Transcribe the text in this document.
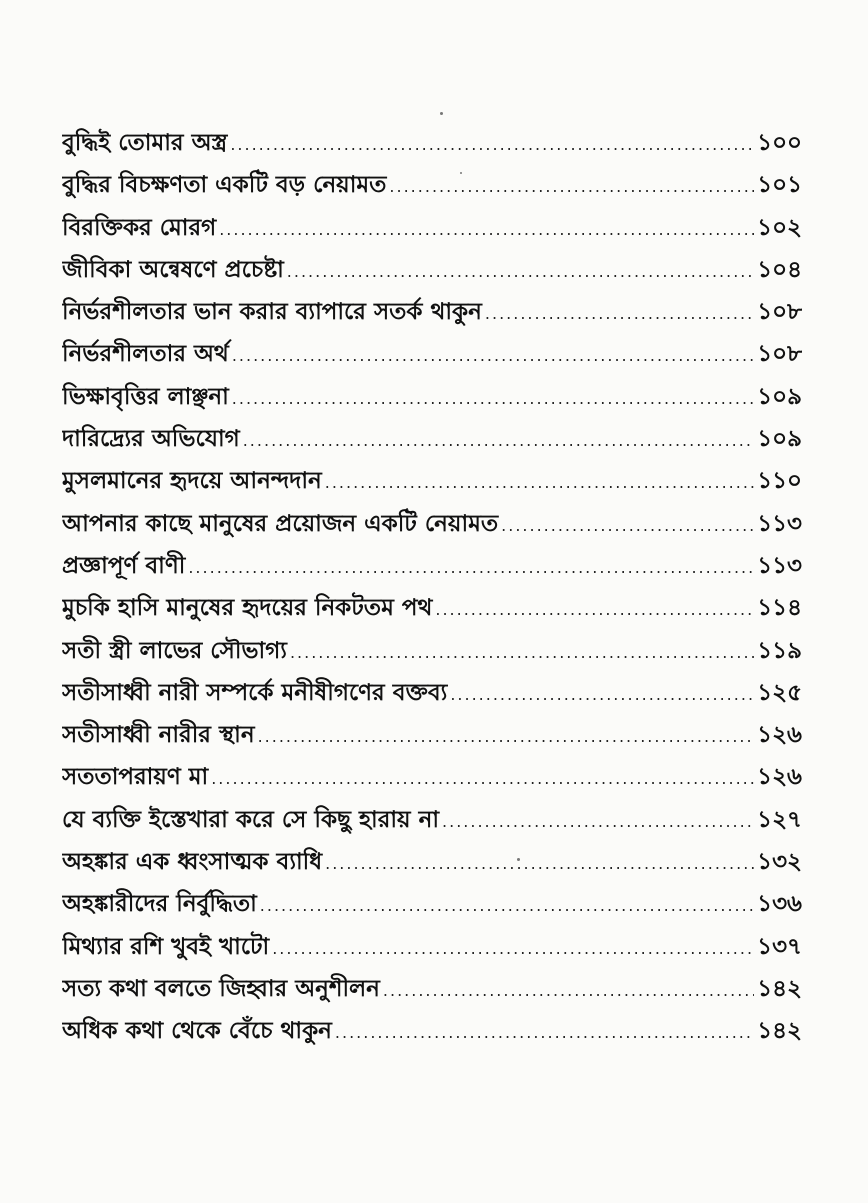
বুদ্ধিই তোমার অস্ত্র .....	১০০
বুদ্ধির বিচক্ষণতা একটি বড় নেয়ামত .....	১০১
বিরক্তিকর মোরগ .....	১০২
জীবিকা অন্বেষণে প্রচেষ্টা .....	১০৪
নির্ভরশীলতার ভান করার ব্যাপারে সতর্ক থাকুন .....	১০৮
নির্ভরশীলতার অর্থ .....	১০৮
ভিক্ষাবৃত্তির লাঞ্ছনা .....	১০৯
দারিদ্র্যের অভিযোগ .....	১০৯
মুসলমানের হৃদয়ে আনন্দদান .....	১১০
আপনার কাছে মানুষের প্রয়োজন একটি নেয়ামত .....	১১৩
প্রজ্ঞাপূর্ণ বাণী .....	১১৩
মুচকি হাসি মানুষের হৃদয়ের নিকটতম পথ .....	১১৪
সতী স্ত্রী লাভের সৌভাগ্য .....	১১৯
সতীসাধ্বী নারী সম্পর্কে মনীষীগণের বক্তব্য .....	১২৫
সতীসাধ্বী নারীর স্থান .....	১২৬
সততাপরায়ণ মা .....	১২৬
যে ব্যক্তি ইস্তেখারা করে সে কিছু হারায় না .....	১২৭
অহঙ্কার এক ধ্বংসাত্মক ব্যাধি .....	১৩২
অহঙ্কারীদের নির্বুদ্ধিতা .....	১৩৬
মিথ্যার রশি খুবই খাটো .....	১৩৭
সত্য কথা বলতে জিহ্বার অনুশীলন .....	১৪২
অধিক কথা থেকে বেঁচে থাকুন .....	১৪২
